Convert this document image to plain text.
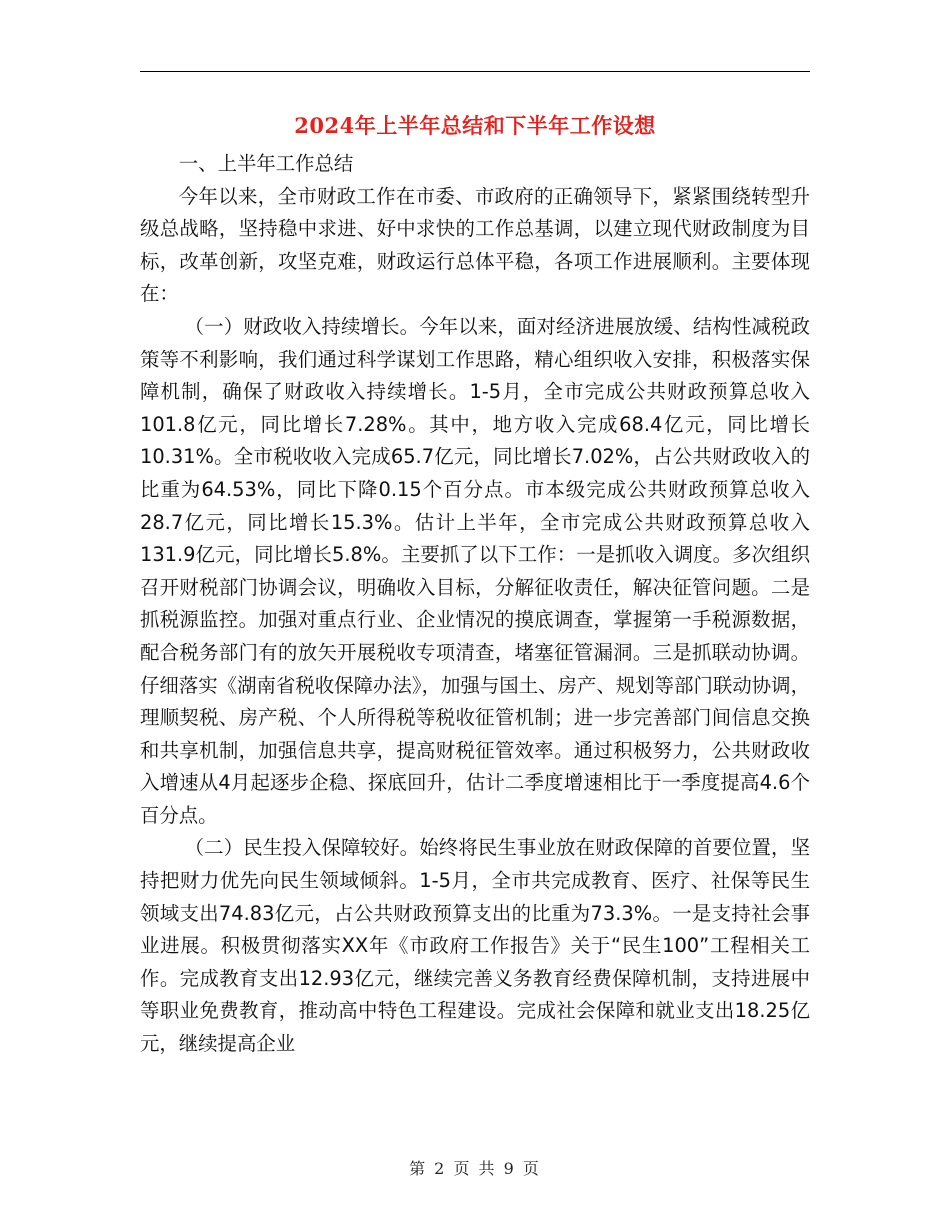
2024年上半年总结和下半年工作设想

一、上半年工作总结

今年以来，全市财政工作在市委、市政府的正确领导下，紧紧围绕转型升级总战略，坚持稳中求进、好中求快的工作总基调，以建立现代财政制度为目标，改革创新，攻坚克难，财政运行总体平稳，各项工作进展顺利。主要体现在：

（一）财政收入持续增长。今年以来，面对经济进展放缓、结构性减税政策等不利影响，我们通过科学谋划工作思路，精心组织收入安排，积极落实保障机制，确保了财政收入持续增长。1-5月，全市完成公共财政预算总收入101.8亿元，同比增长7.28%。其中，地方收入完成68.4亿元，同比增长10.31%。全市税收收入完成65.7亿元，同比增长7.02%，占公共财政收入的比重为64.53%，同比下降0.15个百分点。市本级完成公共财政预算总收入28.7亿元，同比增长15.3%。估计上半年，全市完成公共财政预算总收入131.9亿元，同比增长5.8%。主要抓了以下工作：一是抓收入调度。多次组织召开财税部门协调会议，明确收入目标，分解征收责任，解决征管问题。二是抓税源监控。加强对重点行业、企业情况的摸底调查，掌握第一手税源数据，配合税务部门有的放矢开展税收专项清查，堵塞征管漏洞。三是抓联动协调。仔细落实《湖南省税收保障办法》，加强与国土、房产、规划等部门联动协调，理顺契税、房产税、个人所得税等税收征管机制；进一步完善部门间信息交换和共享机制，加强信息共享，提高财税征管效率。通过积极努力，公共财政收入增速从4月起逐步企稳、探底回升，估计二季度增速相比于一季度提高4.6个百分点。

（二）民生投入保障较好。始终将民生事业放在财政保障的首要位置，坚持把财力优先向民生领域倾斜。1-5月，全市共完成教育、医疗、社保等民生领域支出74.83亿元，占公共财政预算支出的比重为73.3%。一是支持社会事业进展。积极贯彻落实XX年《市政府工作报告》关于“民生100”工程相关工作。完成教育支出12.93亿元，继续完善义务教育经费保障机制，支持进展中等职业免费教育，推动高中特色工程建设。完成社会保障和就业支出18.25亿元，继续提高企业

第 2 页 共 9 页
